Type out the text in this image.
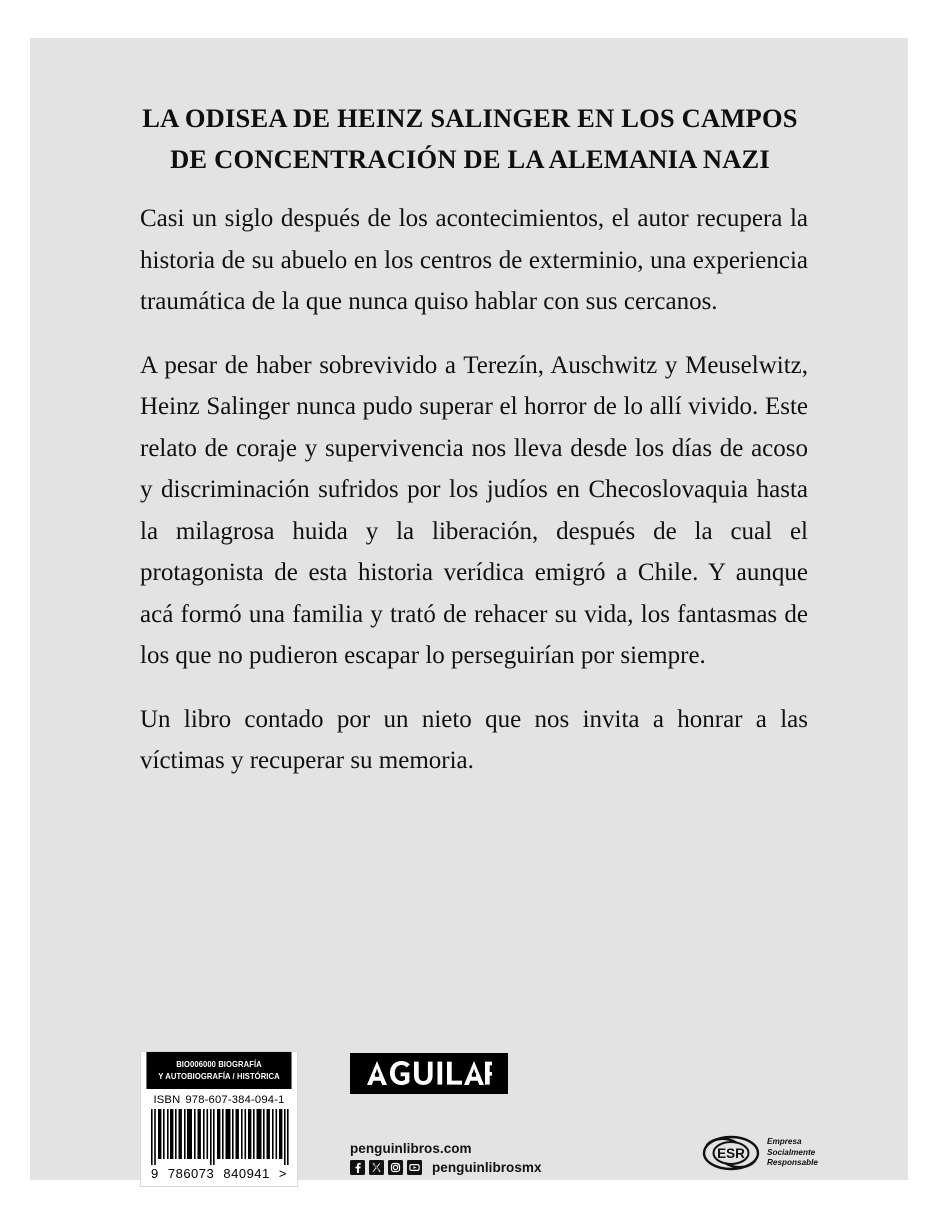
LA ODISEA DE HEINZ SALINGER EN LOS CAMPOS
DE CONCENTRACIÓN DE LA ALEMANIA NAZI

Casi un siglo después de los acontecimientos, el autor recupera la historia de su abuelo en los centros de exterminio, una experiencia traumática de la que nunca quiso hablar con sus cercanos.

A pesar de haber sobrevivido a Terezín, Auschwitz y Meuselwitz, Heinz Salinger nunca pudo superar el horror de lo allí vivido. Este relato de coraje y supervivencia nos lleva desde los días de acoso y discriminación sufridos por los judíos en Checoslovaquia hasta la milagrosa huida y la liberación, después de la cual el protagonista de esta historia verídica emigró a Chile. Y aunque acá formó una familia y trató de rehacer su vida, los fantasmas de los que no pudieron escapar lo perseguirían por siempre.

Un libro contado por un nieto que nos invita a honrar a las víctimas y recuperar su memoria.

BIO006000 BIOGRAFÍA
Y AUTOBIOGRAFÍA / HISTÓRICA
ISBN 978-607-384-094-1
9 786073 840941 >
penguinlibros.com
penguinlibrosmx
ESR
Empresa
Socialmente
Responsable
